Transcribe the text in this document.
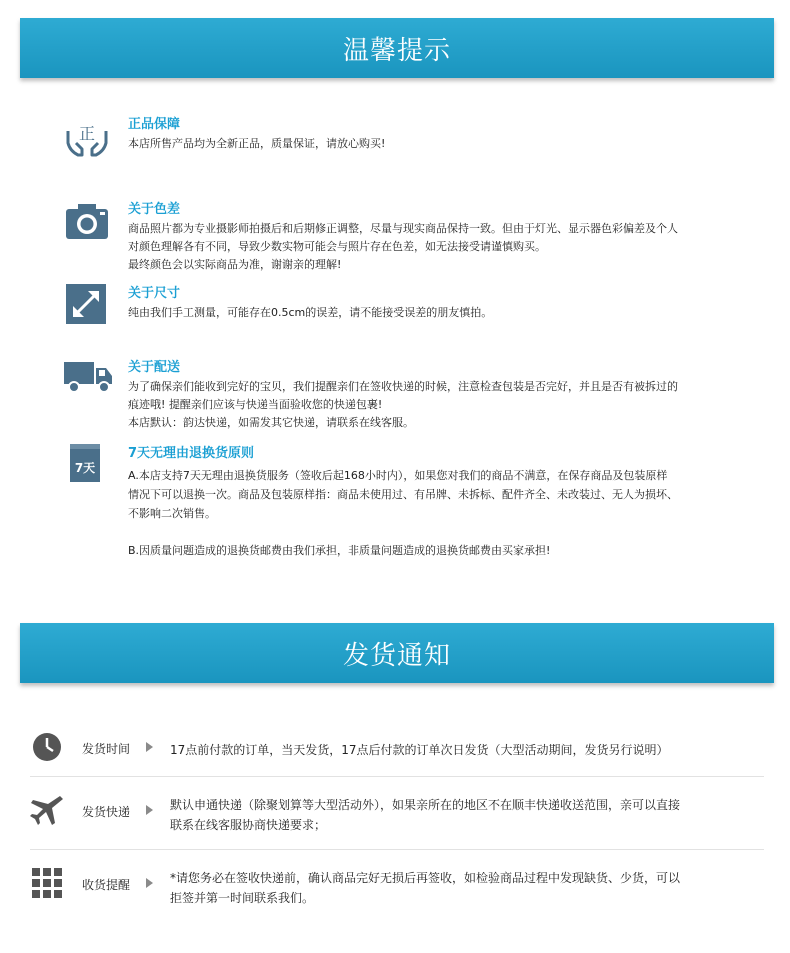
温馨提示
正	正品保障

本店所售产品均为全新正品，质量保证，请放心购买!

关于色差

商品照片都为专业摄影师拍摄后和后期修正调整，尽量与现实商品保持一致。但由于灯光、显示器色彩偏差及个人

对颜色理解各有不同，导致少数实物可能会与照片存在色差，如无法接受请谨慎购买。

最终颜色会以实际商品为准，谢谢亲的理解!

关于尺寸

纯由我们手工测量，可能存在0.5cm的误差，请不能接受误差的朋友慎拍。

关于配送

为了确保亲们能收到完好的宝贝，我们提醒亲们在签收快递的时候，注意检查包装是否完好，并且是否有被拆过的

痕迹哦! 提醒亲们应该与快递当面验收您的快递包裹!

本店默认：韵达快递，如需发其它快递，请联系在线客服。

7天
7天无理由退换货原则

A.本店支持7天无理由退换货服务（签收后起168小时内），如果您对我们的商品不满意，在保存商品及包装原样

情况下可以退换一次。商品及包装原样指：商品未使用过、有吊牌、未拆标、配件齐全、未改装过、无人为损坏、

不影响二次销售。

B.因质量问题造成的退换货邮费由我们承担，非质量问题造成的退换货邮费由买家承担!

发货通知
发货时间	17点前付款的订单，当天发货，17点后付款的订单次日发货（大型活动期间，发货另行说明）

发货快递	默认申通快递（除聚划算等大型活动外），如果亲所在的地区不在顺丰快递收送范围，亲可以直接

联系在线客服协商快递要求；

收货提醒	*请您务必在签收快递前，确认商品完好无损后再签收，如检验商品过程中发现缺货、少货，可以

拒签并第一时间联系我们。
